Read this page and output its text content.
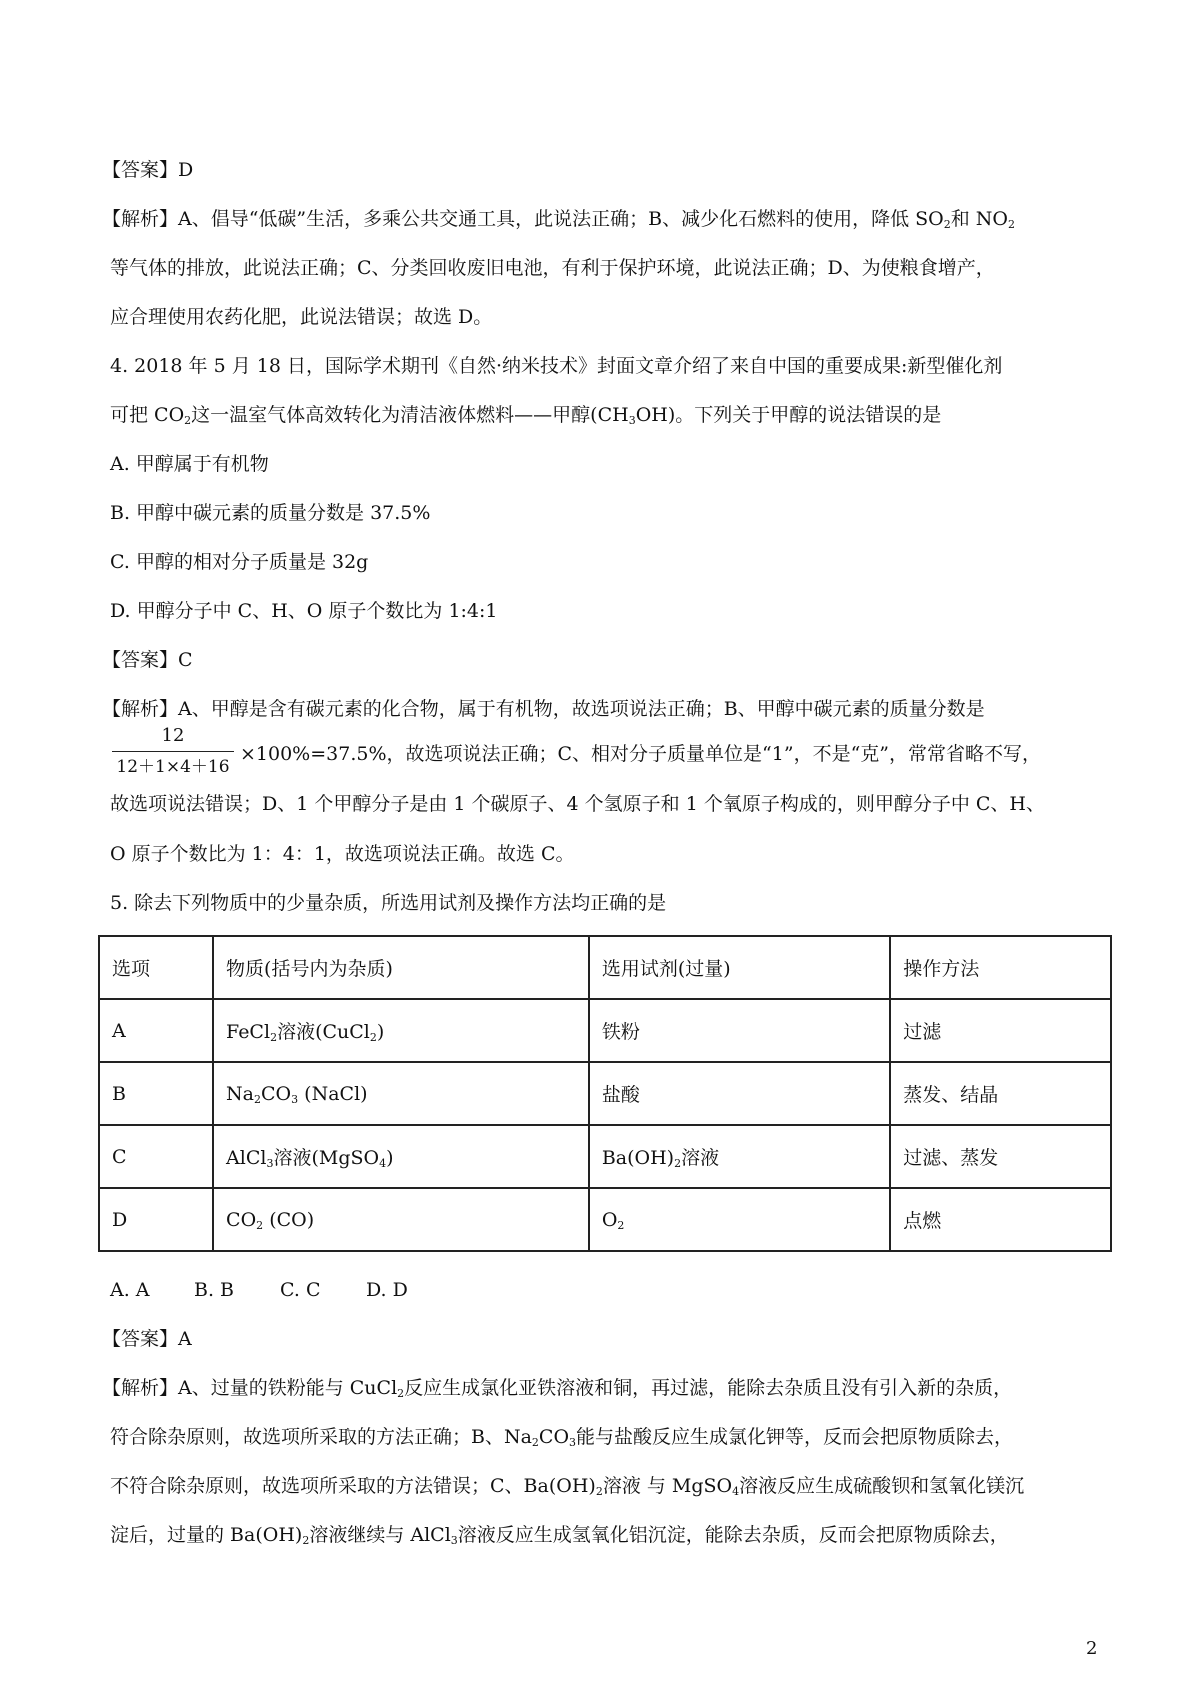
【答案】D
【解析】A、倡导“低碳”生活，多乘公共交通工具，此说法正确；B、减少化石燃料的使用，降低 $SO_2$和 $NO_2$
等气体的排放，此说法正确；C、分类回收废旧电池，有利于保护环境，此说法正确；D、为使粮食增产，
应合理使用农药化肥，此说法错误；故选 D。
4. 2018 年 5 月 18 日，国际学术期刊《自然·纳米技术》封面文章介绍了来自中国的重要成果:新型催化剂
可把 $CO_2$这一温室气体高效转化为清洁液体燃料——甲醇$(CH_3OH)$。下列关于甲醇的说法错误的是
A. 甲醇属于有机物
B. 甲醇中碳元素的质量分数是 37.5%
C. 甲醇的相对分子质量是 32g
D. 甲醇分子中 C、H、O 原子个数比为 1:4:1
【答案】C
【解析】A、甲醇是含有碳元素的化合物，属于有机物，故选项说法正确；B、甲醇中碳元素的质量分数是
12
12＋1×4＋16
×100%=37.5%，故选项说法正确；C、相对分子质量单位是“1”，不是“克”，常常省略不写，
故选项说法错误；D、1 个甲醇分子是由 1 个碳原子、4 个氢原子和 1 个氧原子构成的，则甲醇分子中 C、H、
O 原子个数比为 1：4：1，故选项说法正确。故选 C。
5. 除去下列物质中的少量杂质，所选用试剂及操作方法均正确的是
选项	物质(括号内为杂质)	选用试剂(过量)	操作方法
A	FeCl$_2$溶液(CuCl$_2$)	铁粉	过滤
B	$Na_2CO_3$ (NaCl)	盐酸	蒸发、结晶
C	AlCl$_3$溶液(MgSO$_4$)	$Ba(OH)_2$溶液	过滤、蒸发
D	$CO_2$ (CO)	$O_2$	点燃
A. A B. B C. C D. D
【答案】A
【解析】A、过量的铁粉能与 CuCl$_2$反应生成氯化亚铁溶液和铜，再过滤，能除去杂质且没有引入新的杂质，
符合除杂原则，故选项所采取的方法正确；B、$Na_2CO_3$能与盐酸反应生成氯化钾等，反而会把原物质除去，
不符合除杂原则，故选项所采取的方法错误；C、$Ba(OH)_2$溶液 与 MgSO$_4$溶液反应生成硫酸钡和氢氧化镁沉
淀后，过量的 $Ba(OH)_2$溶液继续与 AlCl$_3$溶液反应生成氢氧化铝沉淀，能除去杂质，反而会把原物质除去，
2
